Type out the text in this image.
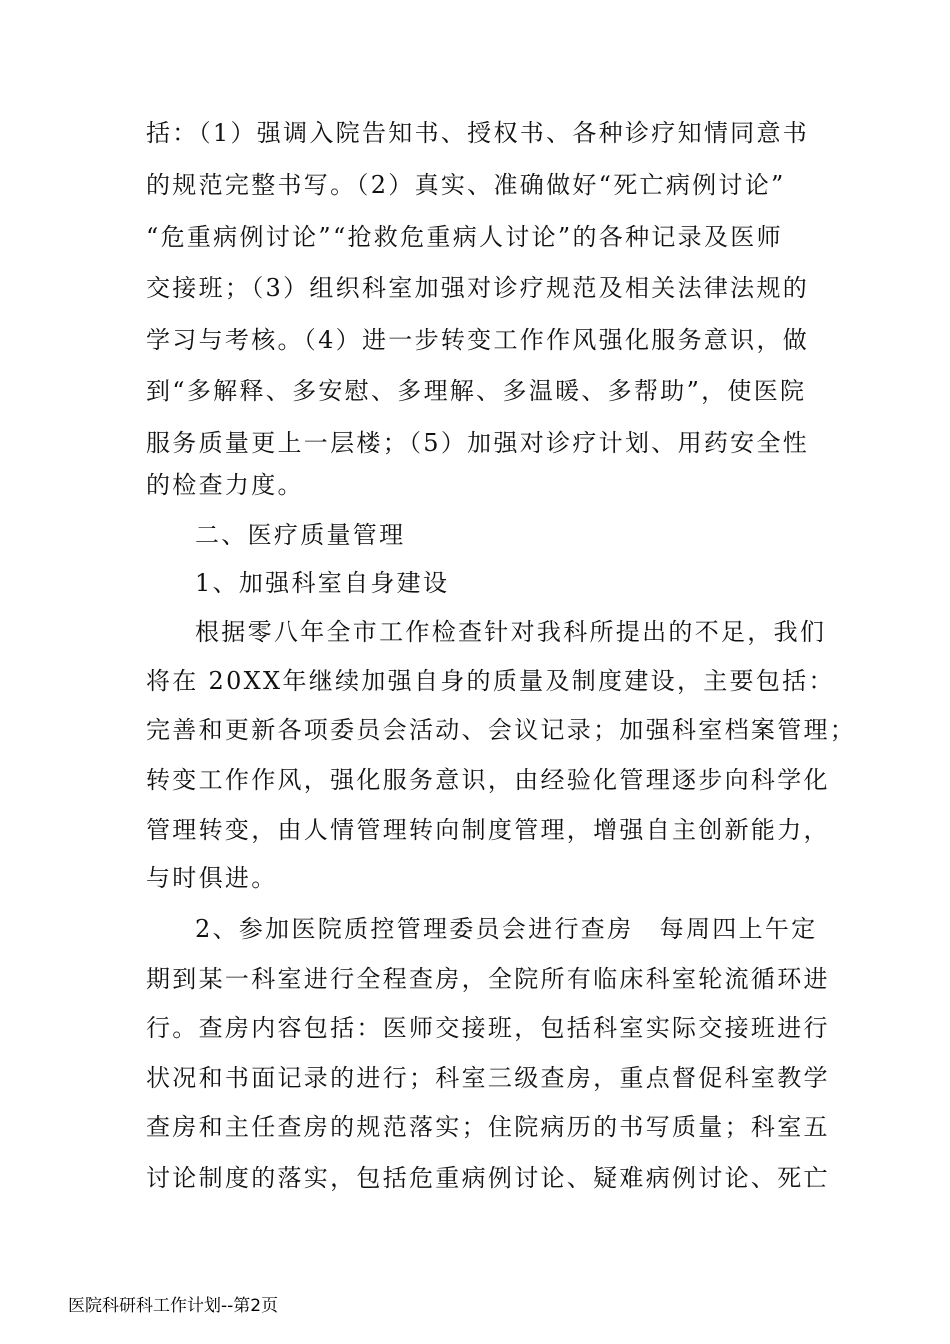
括：（1）强调入院告知书、授权书、各种诊疗知情同意书
的规范完整书写。（2）真实、准确做好“死亡病例讨论”
“危重病例讨论”“抢救危重病人讨论”的各种记录及医师
交接班；（3）组织科室加强对诊疗规范及相关法律法规的
学习与考核。（4）进一步转变工作作风强化服务意识，做
到“多解释、多安慰、多理解、多温暖、多帮助”，使医院
服务质量更上一层楼；（5）加强对诊疗计划、用药安全性
的检查力度。
二、医疗质量管理
1、加强科室自身建设
根据零八年全市工作检查针对我科所提出的不足，我们
将在 20XX年继续加强自身的质量及制度建设，主要包括：
完善和更新各项委员会活动、会议记录；加强科室档案管理；
转变工作作风，强化服务意识，由经验化管理逐步向科学化
管理转变，由人情管理转向制度管理，增强自主创新能力，
与时俱进。
2、参加医院质控管理委员会进行查房　每周四上午定
期到某一科室进行全程查房，全院所有临床科室轮流循环进
行。查房内容包括：医师交接班，包括科室实际交接班进行
状况和书面记录的进行；科室三级查房，重点督促科室教学
查房和主任查房的规范落实；住院病历的书写质量；科室五
讨论制度的落实，包括危重病例讨论、疑难病例讨论、死亡
医院科研科工作计划--第2页
